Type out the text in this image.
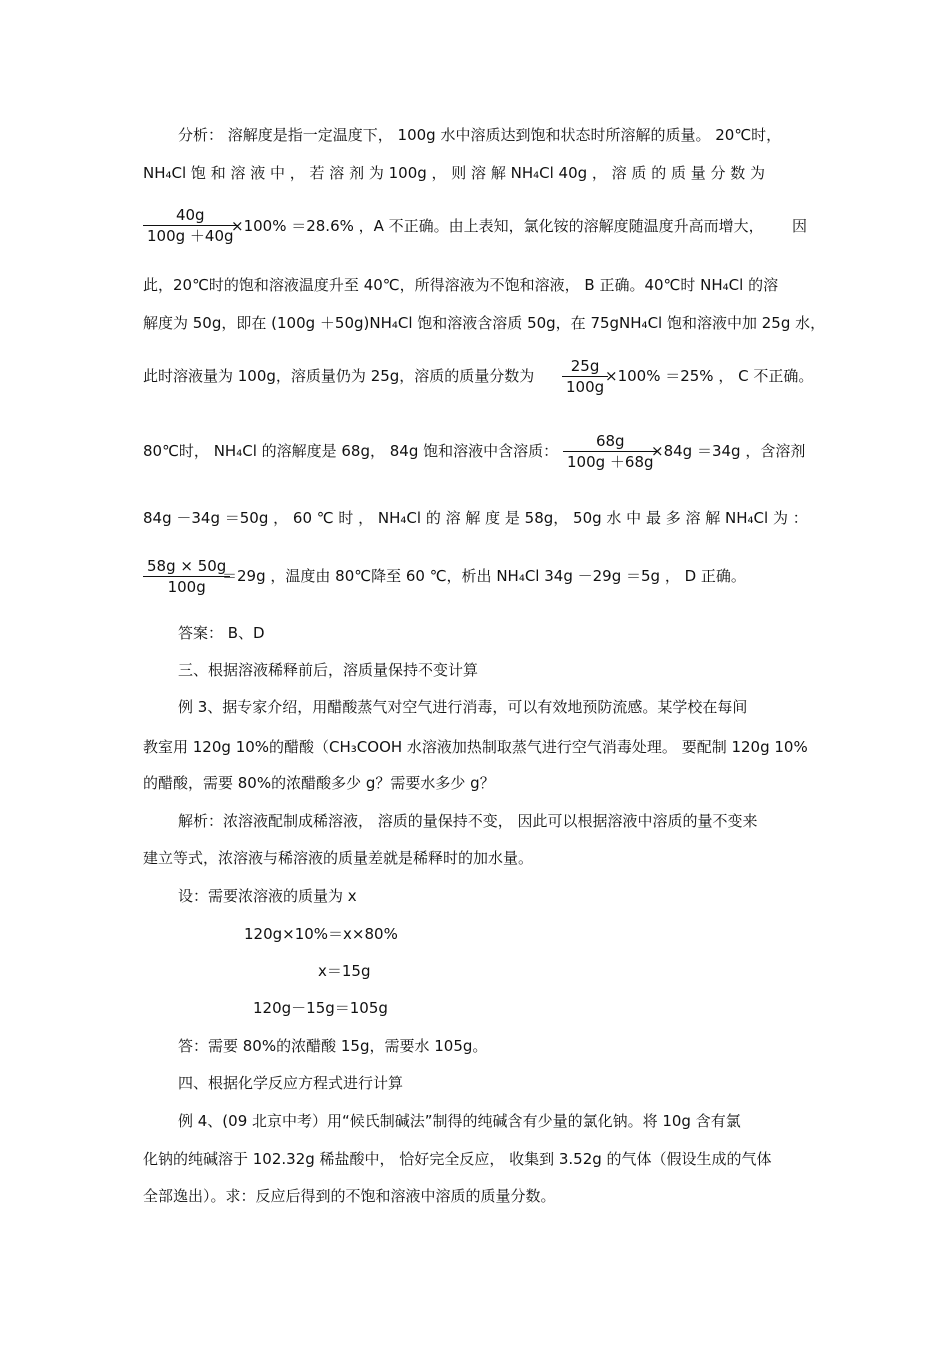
分析： 溶解度是指一定温度下， 100g 水中溶质达到饱和状态时所溶解的质量。 20℃时，
NH₄Cl 饱 和 溶 液 中 ， 若 溶 剂 为 100g ， 则 溶 解 NH₄Cl 40g ， 溶 质 的 质 量 分 数 为
$\frac{40g}{100g +40g}$
×100% ＝28.6% ，A 不正确。由上表知，氯化铵的溶解度随温度升高而增大， 因
此，20℃时的饱和溶液温度升至 40℃，所得溶液为不饱和溶液， B 正确。40℃时 NH₄Cl 的溶
解度为 50g，即在 (100g ＋50g)NH₄Cl 饱和溶液含溶质 50g，在 75gNH₄Cl 饱和溶液中加 25g 水，
此时溶液量为 100g，溶质量仍为 25g，溶质的质量分数为 $\frac{25g}{100g}$
×100% ＝25% ， C 不正确。
80℃时， NH₄Cl 的溶解度是 68g， 84g 饱和溶液中含溶质： $\frac{68g}{100g +68g}$
×84g ＝34g ，含溶剂
84g －34g ＝50g ， 60 ℃ 时 ， NH₄Cl 的 溶 解 度 是 58g， 50g 水 中 最 多 溶 解 NH₄Cl 为 ：
$\frac{58g \times 50g}{100g}$
＝29g ，温度由 80℃降至 60 ℃，析出 NH₄Cl 34g －29g ＝5g ， D 正确。
答案： B、D
三、根据溶液稀释前后，溶质量保持不变计算
例 3、据专家介绍，用醋酸蒸气对空气进行消毒，可以有效地预防流感。某学校在每间
教室用 120g 10%的醋酸（CH₃COOH 水溶液加热制取蒸气进行空气消毒处理。 要配制 120g 10%
的醋酸，需要 80%的浓醋酸多少 g？需要水多少 g？
解析：浓溶液配制成稀溶液， 溶质的量保持不变， 因此可以根据溶液中溶质的量不变来
建立等式，浓溶液与稀溶液的质量差就是稀释时的加水量。
设：需要浓溶液的质量为 x
120g×10%＝x×80%
x＝15g
120g－15g＝105g
答：需要 80%的浓醋酸 15g，需要水 105g。
四、根据化学反应方程式进行计算
例 4、(09 北京中考）用“候氏制碱法”制得的纯碱含有少量的氯化钠。将 10g 含有氯
化钠的纯碱溶于 102.32g 稀盐酸中， 恰好完全反应， 收集到 3.52g 的气体（假设生成的气体
全部逸出）。求：反应后得到的不饱和溶液中溶质的质量分数。
